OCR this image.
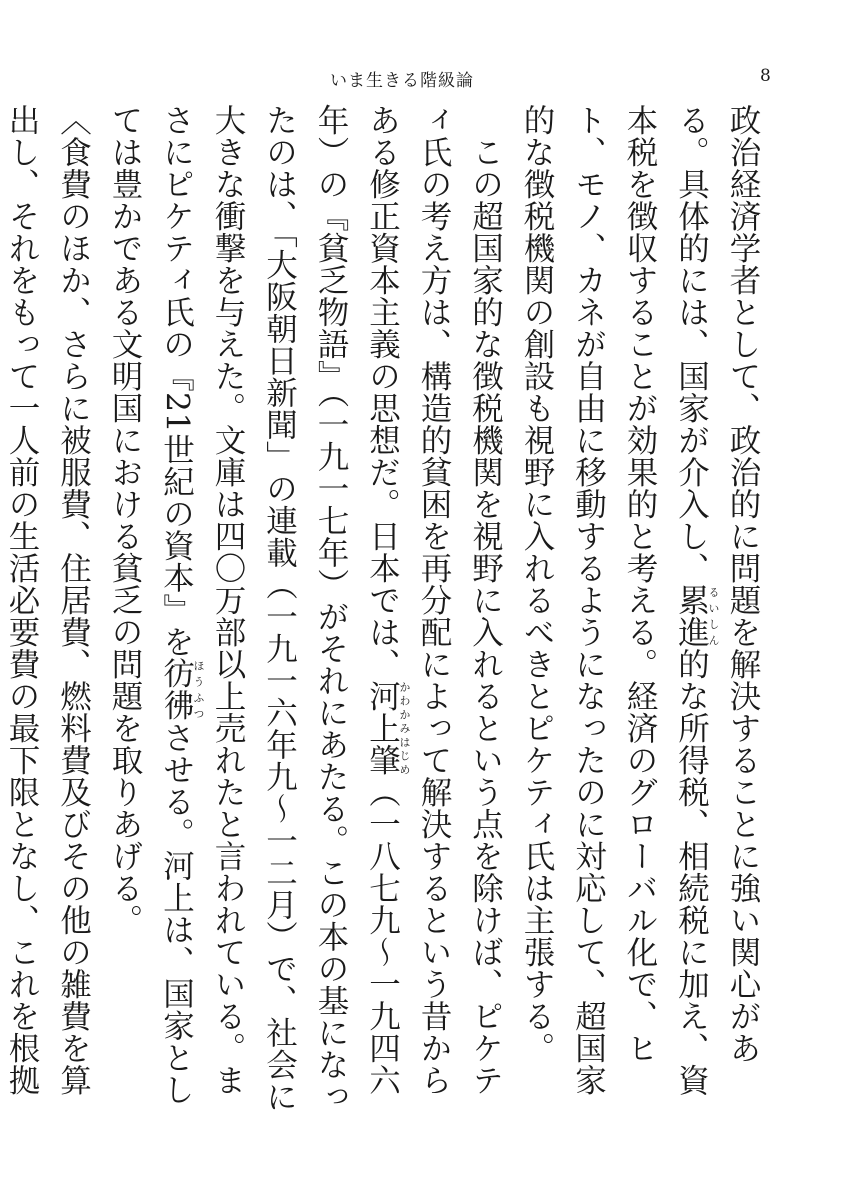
いま生きる階級論	8

政治経済学者として、政治的に問題を解決することに強い関心がある。具体的には、国家が介入し、累進るいしん的な所得税、相続税に加え、資本税を徴収することが効果的と考える。経済のグローバル化で、ヒト、モノ、カネが自由に移動するようになったのに対応して、超国家的な徴税機関の創設も視野に入れるべきとピケティ氏は主張する。

この超国家的な徴税機関を視野に入れるという点を除けば、ピケティ氏の考え方は、構造的貧困を再分配によって解決するという昔からある修正資本主義の思想だ。日本では、河上肇かわかみはじめ（一八七九～一九四六年）の『貧乏物語』（一九一七年）がそれにあたる。この本の基になったのは、「大阪朝日新聞」の連載（一九一六年九～一二月）で、社会に大きな衝撃を与えた。文庫は四〇万部以上売れたと言われている。まさにピケティ氏の『21世紀の資本』を彷彿ほうふつさせる。河上は、国家としては豊かである文明国における貧乏の問題を取りあげる。

〈食費のほか、さらに被服費、住居費、燃料費及びその他の雑費を算出し、それをもって一人前の生活必要費の最下限となし、これを根拠
